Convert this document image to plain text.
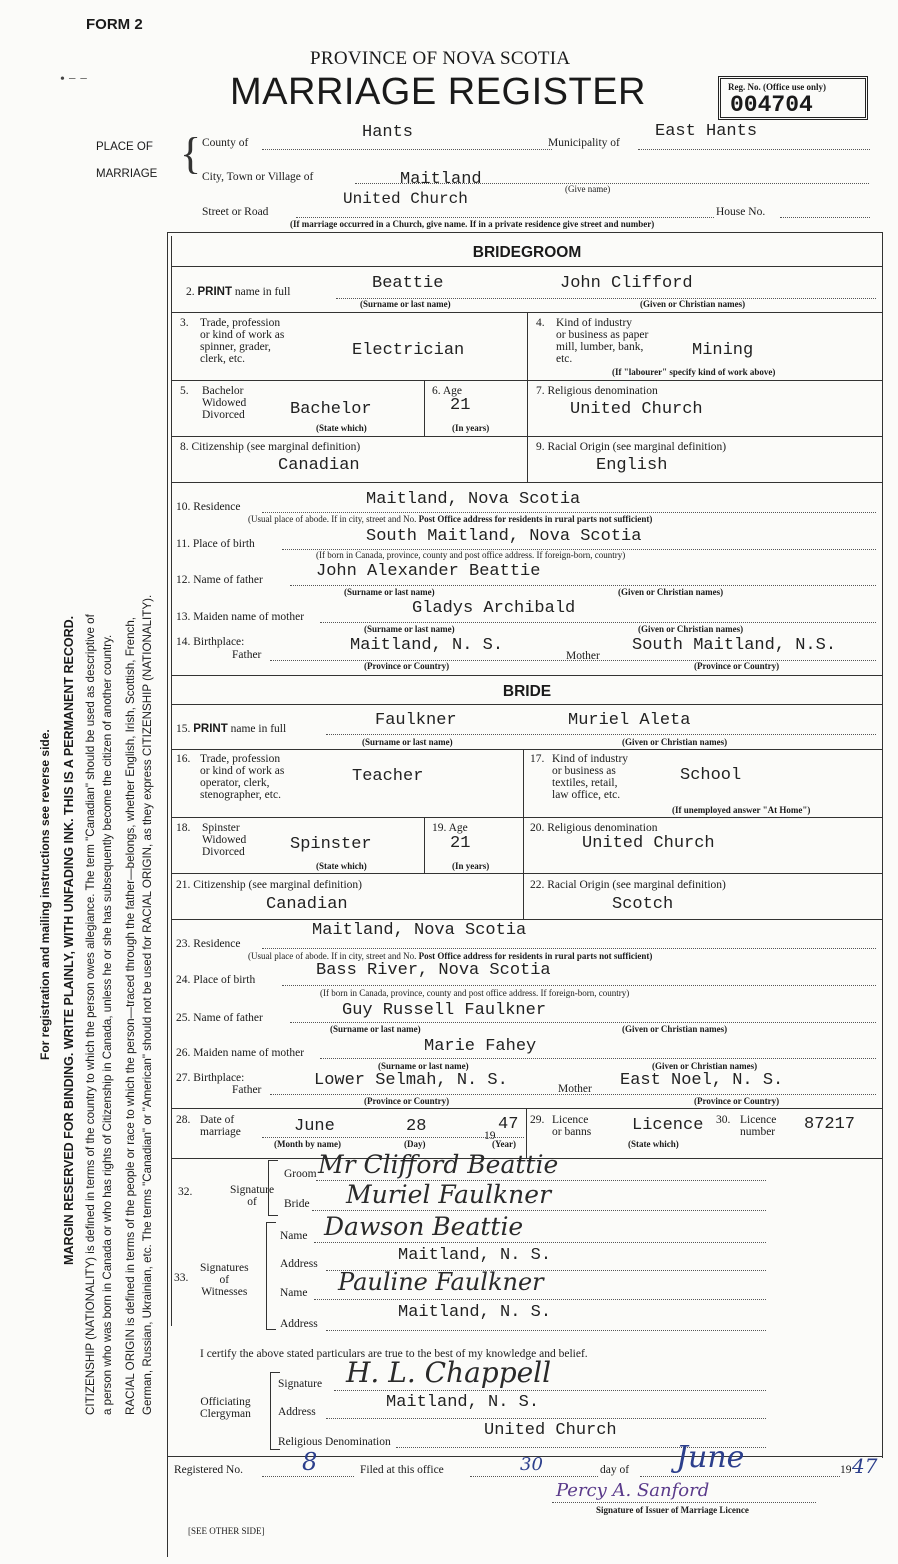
FORM 2
• − −
PROVINCE OF NOVA SCOTIA
MARRIAGE REGISTER	Reg. No. (Office use only)
004704
PLACE OF
MARRIAGE { County of
Hants
Municipality of
East Hants
City, Town or Village of	Maitland	(Give name)
United Church
Street or Road	House No.
(If marriage occurred in a Church, give name. If in a private residence give street and number)
For registration and mailing instructions see reverse side. MARGIN RESERVED FOR BINDING. WRITE PLAINLY, WITH UNFADING INK. THIS IS A PERMANENT RECORD. CITIZENSHIP (NATIONALITY) is defined in terms of the country to which the person owes allegiance. The term "Canadian" should be used as descriptive of a person who was born in Canada or who has rights of Citizenship in Canada, unless he or she has subsequently become the citizen of another country. RACIAL ORIGIN is defined in terms of the people or race to which the person—traced through the father—belongs, whether English, Irish, Scottish, French, German, Russian, Ukrainian, etc. The terms "Canadian" or "American" should not be used for RACIAL ORIGIN, as they express CITIZENSHIP (NATIONALITY).
BRIDEGROOM
2. PRINT name in full	Beattie	John Clifford
(Surname or last name)	(Given or Christian names)
3. Trade, profession
or kind of work as
spinner, grader,
clerk, etc.	Electrician
4. Kind of industry
or business as paper
mill, lumber, bank,
etc.	Mining
(If "labourer" specify kind of work above)
5. Bachelor
Widowed
Divorced	Bachelor
(State which)
6. Age
21
(In years)
7. Religious denomination
United Church
8. Citizenship (see marginal definition)
Canadian
9. Racial Origin (see marginal definition)
English
10. Residence	Maitland, Nova Scotia
(Usual place of abode. If in city, street and No. Post Office address for residents in rural parts not sufficient)
11. Place of birth	South Maitland, Nova Scotia
(If born in Canada, province, county and post office address. If foreign-born, country)
12. Name of father	John Alexander Beattie
(Surname or last name)	(Given or Christian names)
13. Maiden name of mother	Gladys Archibald
(Surname or last name)	(Given or Christian names)
14. Birthplace:
Father	Maitland, N. S.
Mother
South Maitland, N.S.
(Province or Country)	(Province or Country)
BRIDE
15. PRINT name in full	Faulkner	Muriel Aleta
(Surname or last name)	(Given or Christian names)
16. Trade, profession
or kind of work as
operator, clerk,
stenographer, etc.
Teacher
17. Kind of industry
or business as
textiles, retail,
law office, etc.
School
(If unemployed answer "At Home")
18. Spinster
Widowed
Divorced	Spinster
(State which)
19. Age
21
(In years)
20. Religious denomination
United Church
21. Citizenship (see marginal definition)
Canadian
22. Racial Origin (see marginal definition)
Scotch
23. Residence
Maitland, Nova Scotia
(Usual place of abode. If in city, street and No. Post Office address for residents in rural parts not sufficient)
24. Place of birth	Bass River, Nova Scotia
(If born in Canada, province, county and post office address. If foreign-born, country)
25. Name of father	Guy Russell Faulkner
(Surname or last name)	(Given or Christian names)
26. Maiden name of mother	Marie Fahey
(Surname or last name)	(Given or Christian names)
27. Birthplace:
Father	Lower Selmah, N. S.	Mother East Noel, N. S.
(Province or Country)	(Province or Country)
28. Date of
marriage	June	28	19
47
(Month by name)	(Day)	(Year)
29. Licence
or banns Licence
(State which)
30. Licence
number 87217
32.	Signature
of
Groom Mr Clifford Beattie
Bride Muriel Faulkner
33.
Signatures
of
Witnesses
Name Dawson Beattie
Address	Maitland, N. S.
Name Pauline Faulkner
Address
Maitland, N. S.
I certify the above stated particulars are true to the best of my knowledge and belief.
Officiating
Clergyman
Signature H. L. Chappell
Address	Maitland, N. S.
Religious Denomination
United Church
Registered No. 8	Filed at this office	30	day of June	19 47
Percy A. Sanford
Signature of Issuer of Marriage Licence
[SEE OTHER SIDE]
